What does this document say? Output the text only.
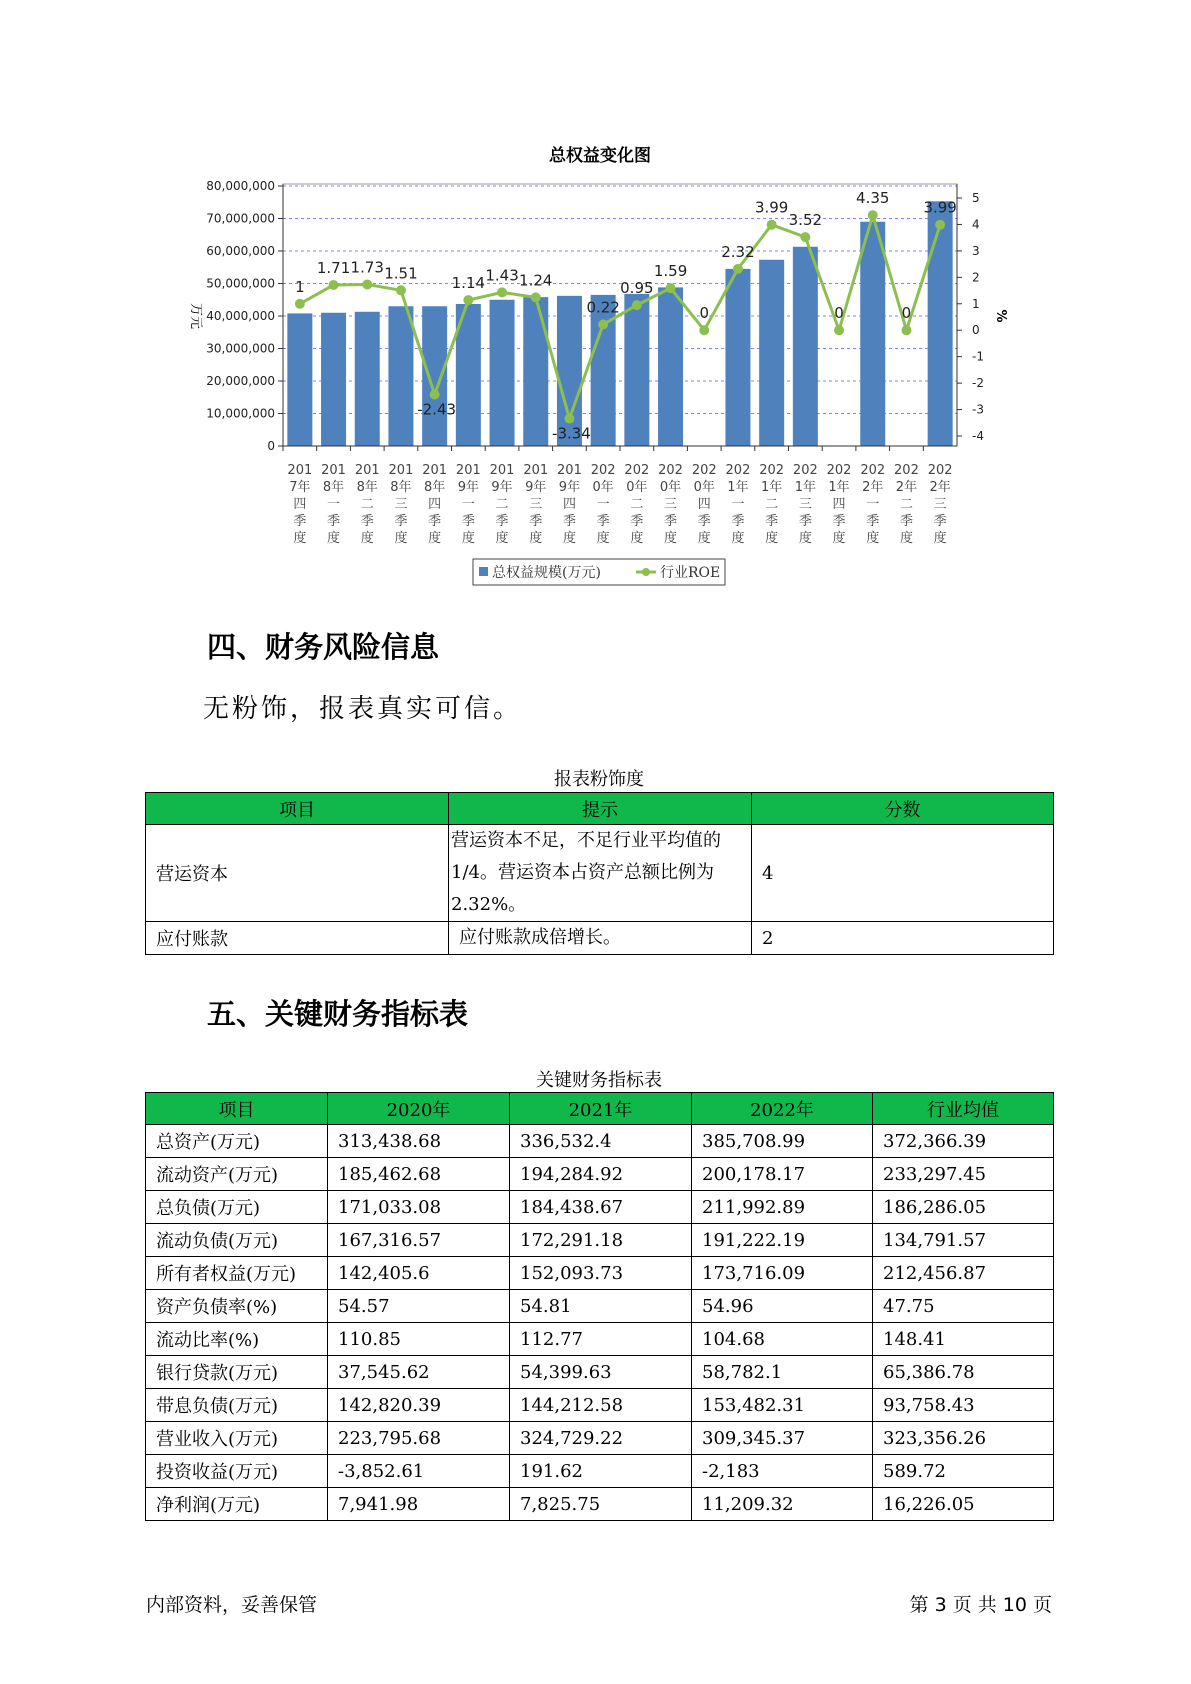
总权益变化图
万元	%
0
10,000,000
20,000,000
30,000,000
40,000,000
50,000,000
60,000,000
70,000,000
80,000,000
-4
-3
-2
-1
0
1
2
3
4
5
1
1.71 1.73 1.51
-2.43
1.14 1.43 1.24
-3.34
0.22
0.95
1.59
0
2.32
3.99
3.52
0
4.35
0
3.99
201 7年四季度
201 8年一季度
201 8年二季度
201 8年三季度
201 8年四季度
201 9年一季度
201 9年二季度
201 9年三季度
201 9年四季度
202 0年一季度
202 0年二季度
202 0年三季度
202 0年四季度
202 1年一季度
202 1年二季度
202 1年三季度
202 1年四季度
202 2年一季度
202 2年二季度
202 2年三季度
总权益规模(万元)	行业ROE
四、财务风险信息
无粉饰，报表真实可信。
报表粉饰度
项目	提示	分数
营运资本	营运资本不足，不足行业平均值的1/4。营运资本占资产总额比例为2.32%。	4
应付账款	应付账款成倍增长。	2
五、关键财务指标表
关键财务指标表
项目	2020年	2021年	2022年	行业均值
总资产(万元)	313,438.68	336,532.4	385,708.99	372,366.39
流动资产(万元)	185,462.68	194,284.92	200,178.17	233,297.45
总负债(万元)	171,033.08	184,438.67	211,992.89	186,286.05
流动负债(万元)	167,316.57	172,291.18	191,222.19	134,791.57
所有者权益(万元)	142,405.6	152,093.73	173,716.09	212,456.87
资产负债率(%)	54.57	54.81	54.96	47.75
流动比率(%)	110.85	112.77	104.68	148.41
银行贷款(万元)	37,545.62	54,399.63	58,782.1	65,386.78
带息负债(万元)	142,820.39	144,212.58	153,482.31	93,758.43
营业收入(万元)	223,795.68	324,729.22	309,345.37	323,356.26
投资收益(万元)	-3,852.61	191.62	-2,183	589.72
净利润(万元)	7,941.98	7,825.75	11,209.32	16,226.05
内部资料，妥善保管	第 3 页 共 10 页
